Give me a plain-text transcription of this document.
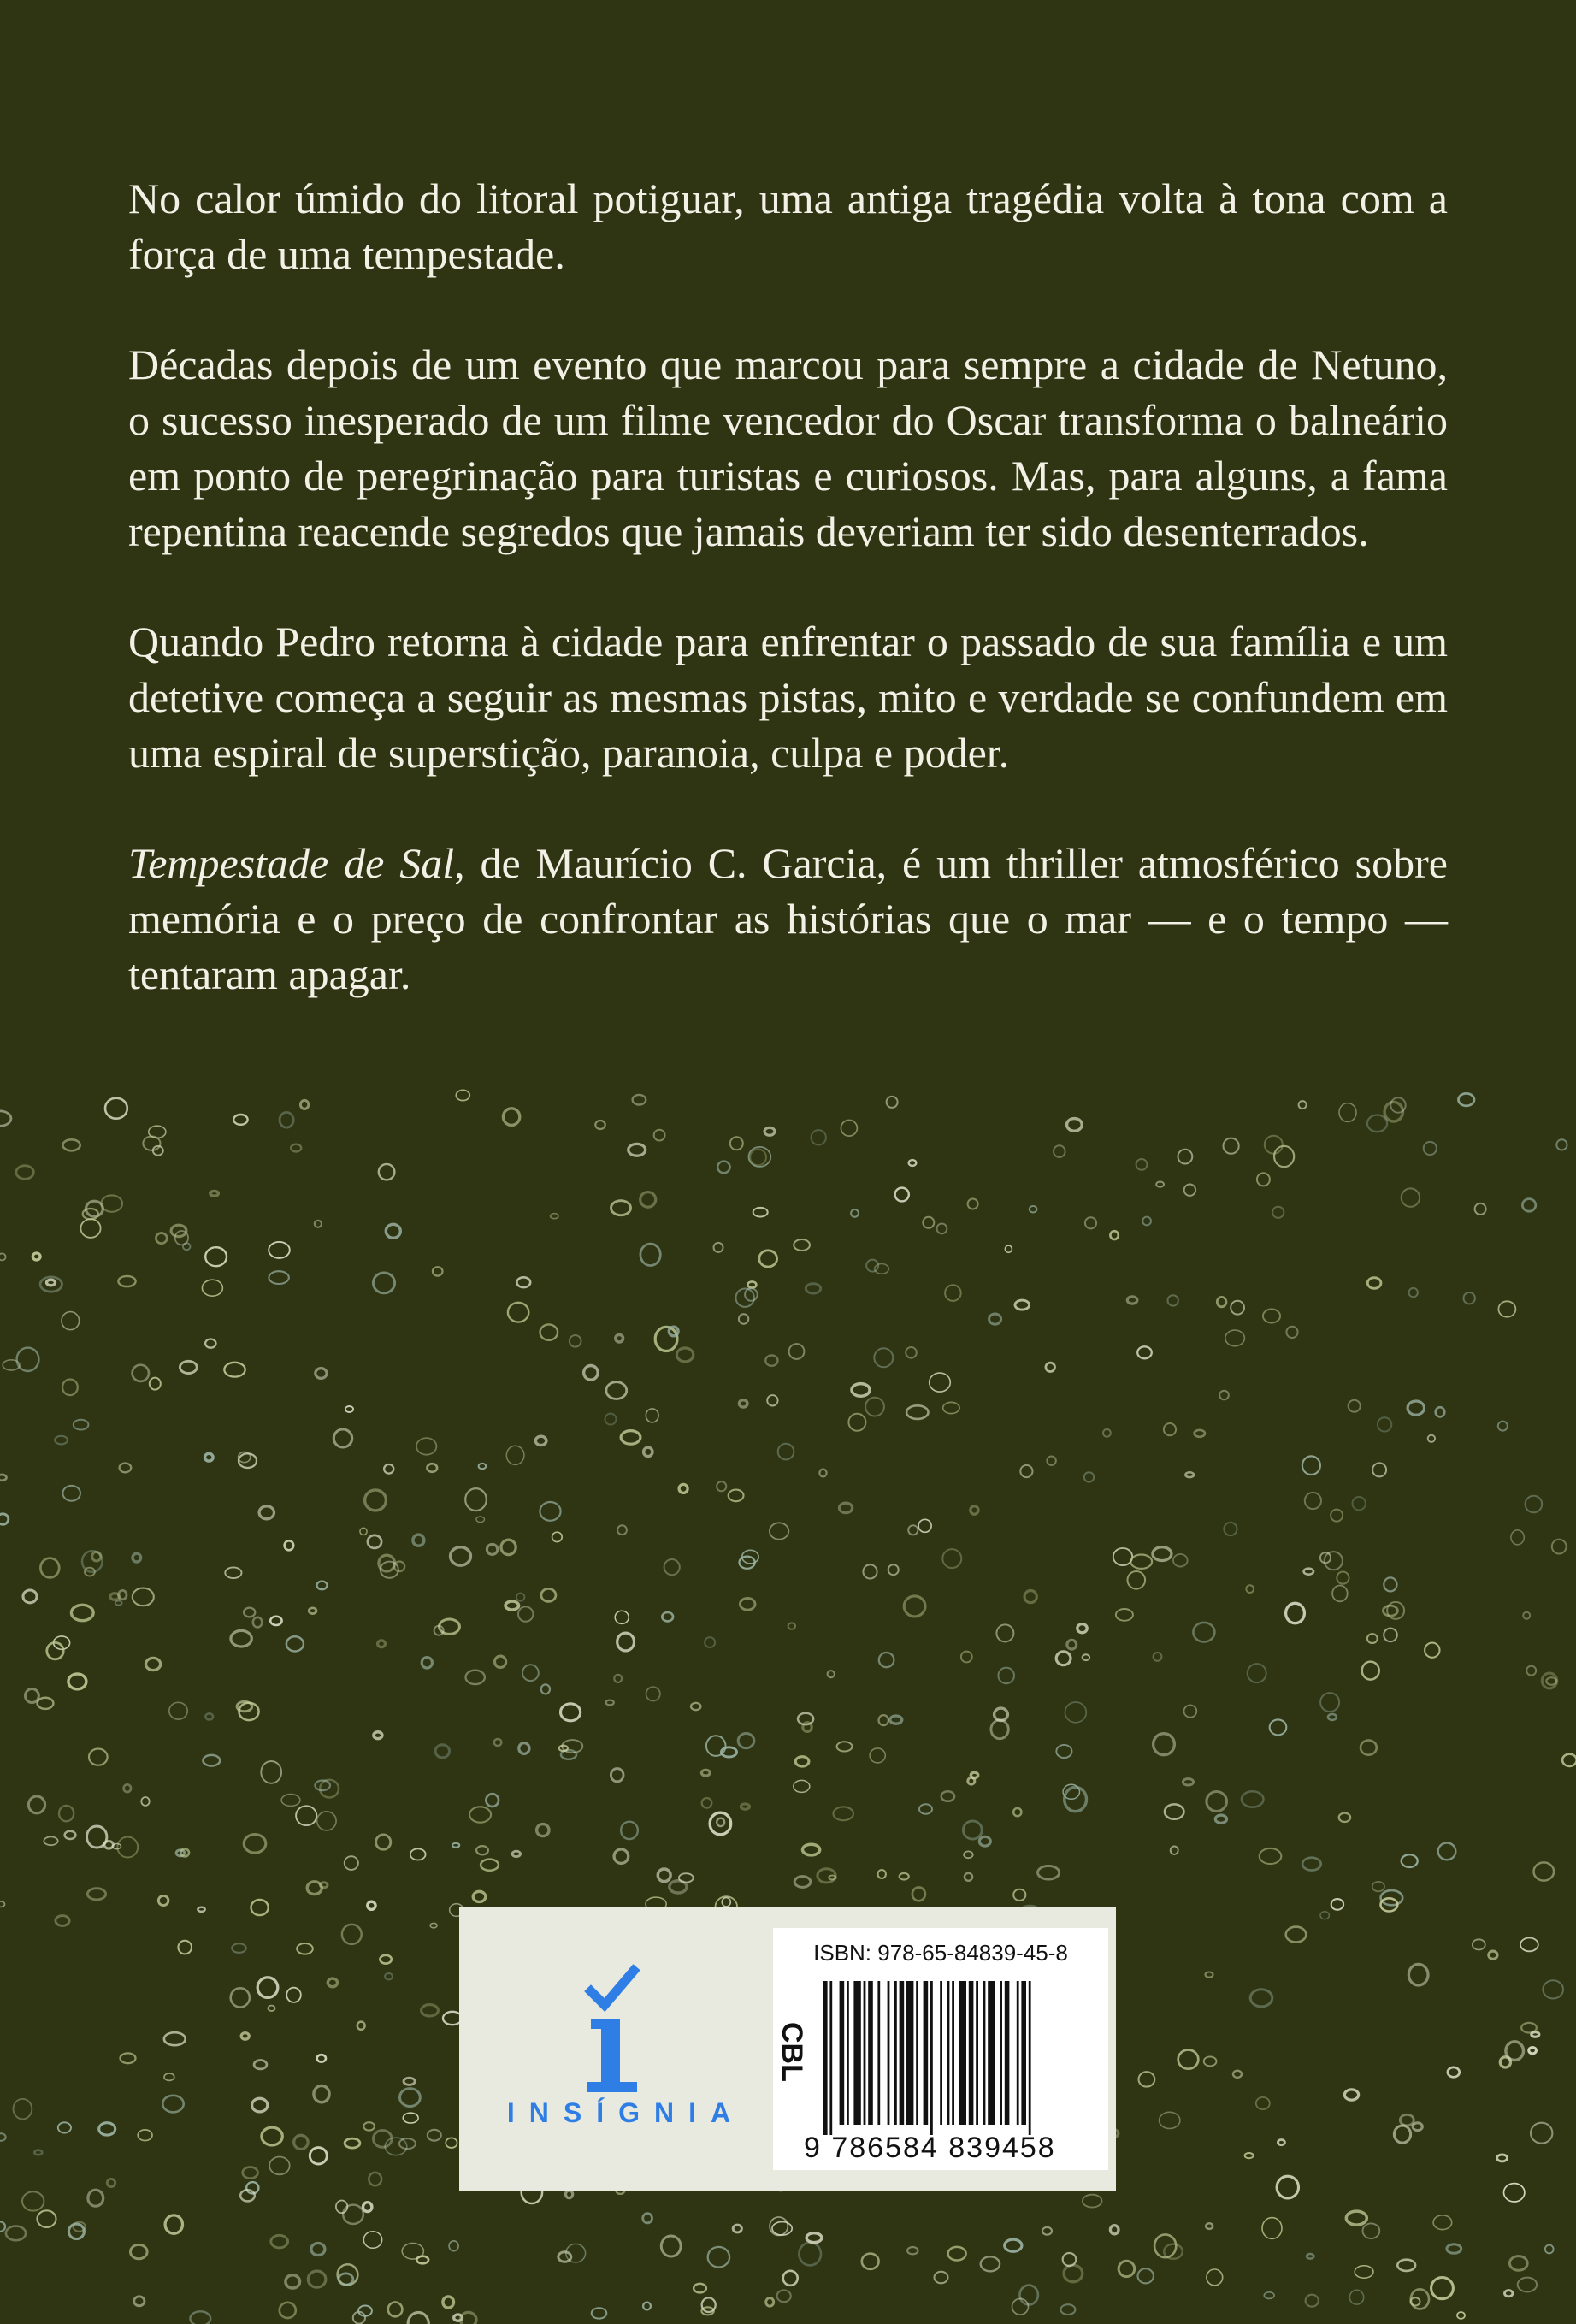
No calor úmido do litoral potiguar, uma antiga tragédia volta à tona com a força de uma tempestade.

Décadas depois de um evento que marcou para sempre a cidade de Netuno, o sucesso inesperado de um filme vencedor do Oscar transforma o balneário em ponto de peregrinação para turistas e curiosos. Mas, para alguns, a fama repentina reacende segredos que jamais deveriam ter sido desenterrados.

Quando Pedro retorna à cidade para enfrentar o passado de sua família e um detetive começa a seguir as mesmas pistas, mito e verdade se confundem em uma espiral de superstição, paranoia, culpa e poder.

Tempestade de Sal, de Maurício C. Garcia, é um thriller atmosférico sobre memória e o preço de confrontar as histórias que o mar — e o tempo — tentaram apagar.

INSÍGNIA
ISBN: 978-65-84839-45-8
CBL
9 786584 839458
